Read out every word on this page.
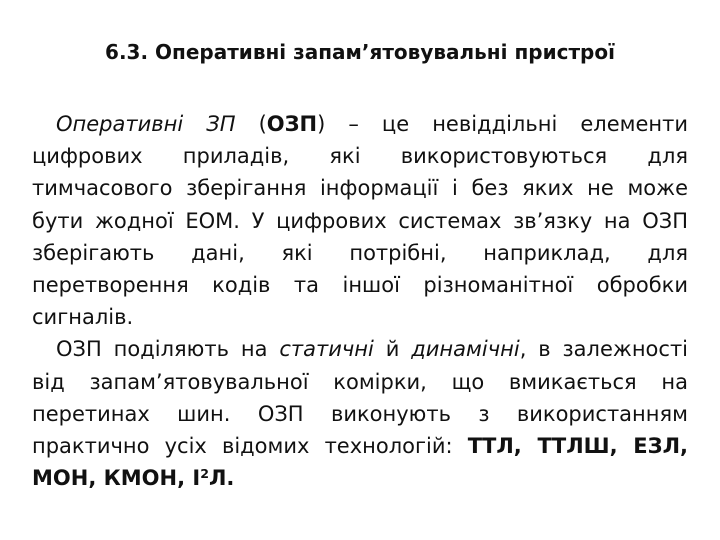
6.3. Оперативні запам’ятовувальні пристрої

Оперативні ЗП (ОЗП) – це невіддільні елементи цифрових приладів, які використовуються для тимчасового зберігання інформації і без яких не може бути жодної ЕОМ. У цифрових системах зв’язку на ОЗП зберігають дані, які потрібні, наприклад, для перетворення кодів та іншої різноманітної обробки сигналів.

ОЗП поділяють на статичні й динамічні, в залежності від запам’ятовувальної комірки, що вмикається на перетинах шин. ОЗП виконують з використанням практично усіх відомих технологій: ТТЛ, ТТЛШ, ЕЗЛ, МОН, КМОН, $І^2Л$.
